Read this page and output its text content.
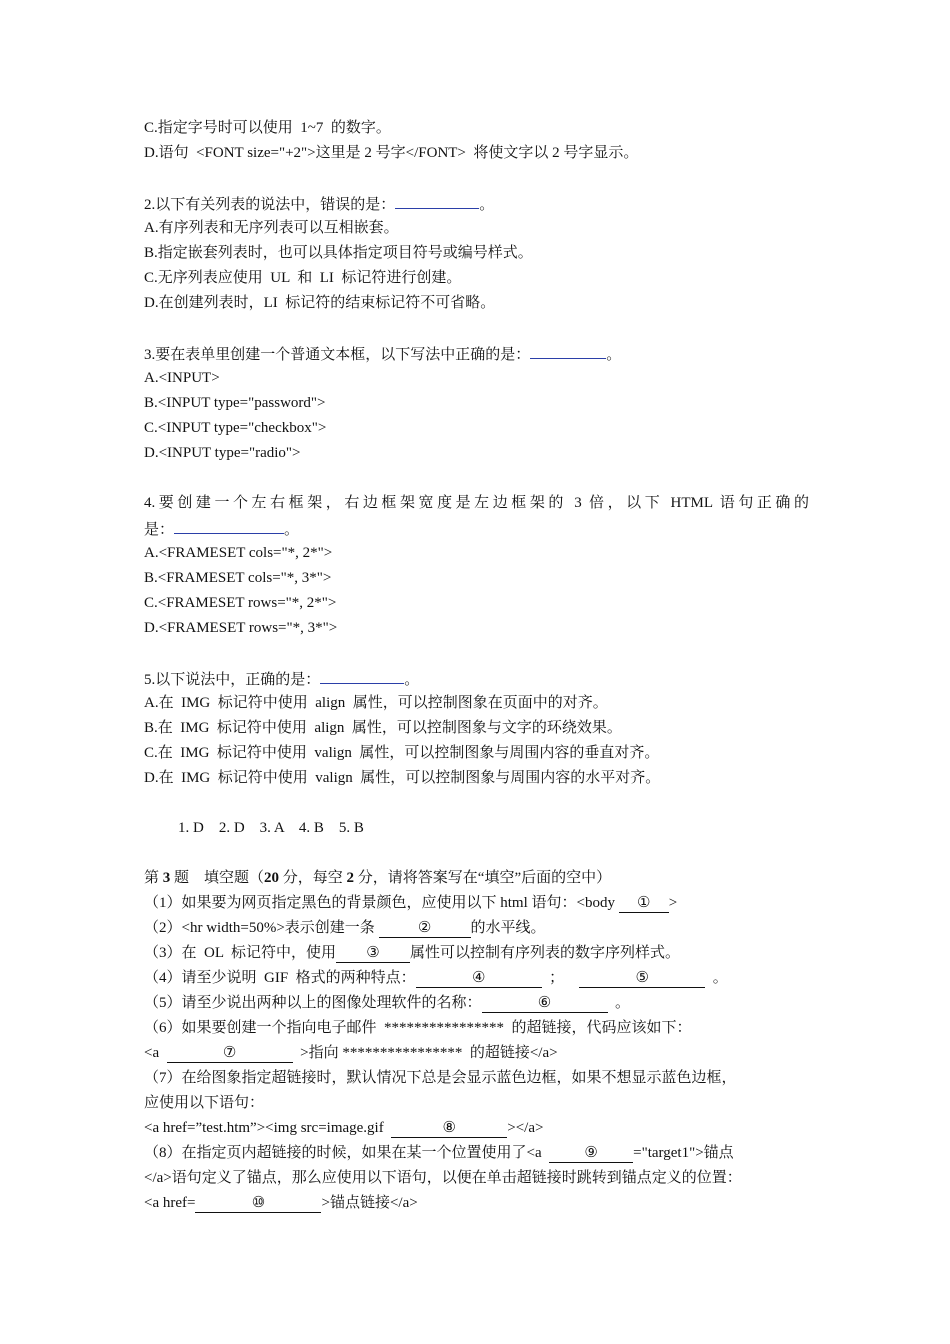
C.指定字号时可以使用  1~7  的数字。
D.语句  <FONT size="+2">这里是 2 号字</FONT>  将使文字以 2 号字显示。
2.以下有关列表的说法中，错误的是：	。
A.有序列表和无序列表可以互相嵌套。
B.指定嵌套列表时，也可以具体指定项目符号或编号样式。
C.无序列表应使用  UL  和  LI  标记符进行创建。
D.在创建列表时，LI  标记符的结束标记符不可省略。
3.要在表单里创建一个普通文本框，以下写法中正确的是：	。
A.<INPUT>
B.<INPUT type="password">
C.<INPUT type="checkbox">
D.<INPUT type="radio">
4.要创建一个左右框架，右边框架宽度是左边框架的 3 倍，以下 HTML 语句正确的
是：	。
A.<FRAMESET cols="*, 2*">
B.<FRAMESET cols="*, 3*">
C.<FRAMESET rows="*, 2*">
D.<FRAMESET rows="*, 3*">
5.以下说法中，正确的是：	。
A.在  IMG  标记符中使用  align  属性，可以控制图象在页面中的对齐。
B.在  IMG  标记符中使用  align  属性，可以控制图象与文字的环绕效果。
C.在  IMG  标记符中使用  valign  属性，可以控制图象与周围内容的垂直对齐。
D.在  IMG  标记符中使用  valign  属性，可以控制图象与周围内容的水平对齐。
1. D    2. D    3. A    4. B    5. B
第 3 题    填空题（20 分，每空 2 分，请将答案写在“填空”后面的空中）
（1）如果要为网页指定黑色的背景颜色，应使用以下 html 语句：<body ① >
（2）<hr width=50%>表示创建一条	②	的水平线。
（3）在  OL  标记符中，使用 ③ 属性可以控制有序列表的数字序列样式。
（4）请至少说明  GIF  格式的两种特点：	④	；	⑤	。
（5）请至少说出两种以上的图像处理软件的名称：	⑥	。
（6）如果要创建一个指向电子邮件  ****************  的超链接，代码应该如下：
<a	⑦	>指向 ****************  的超链接</a>
（7）在给图象指定超链接时，默认情况下总是会显示蓝色边框，如果不想显示蓝色边框，
应使用以下语句：
<a href=”test.htm”><img src=image.gif	⑧	></a>
（8）在指定页内超链接的时候，如果在某一个位置使用了<a  ⑨ ="target1">锚点
</a>语句定义了锚点，那么应使用以下语句，以便在单击超链接时跳转到锚点定义的位置：
<a href=	⑩	>锚点链接</a>
